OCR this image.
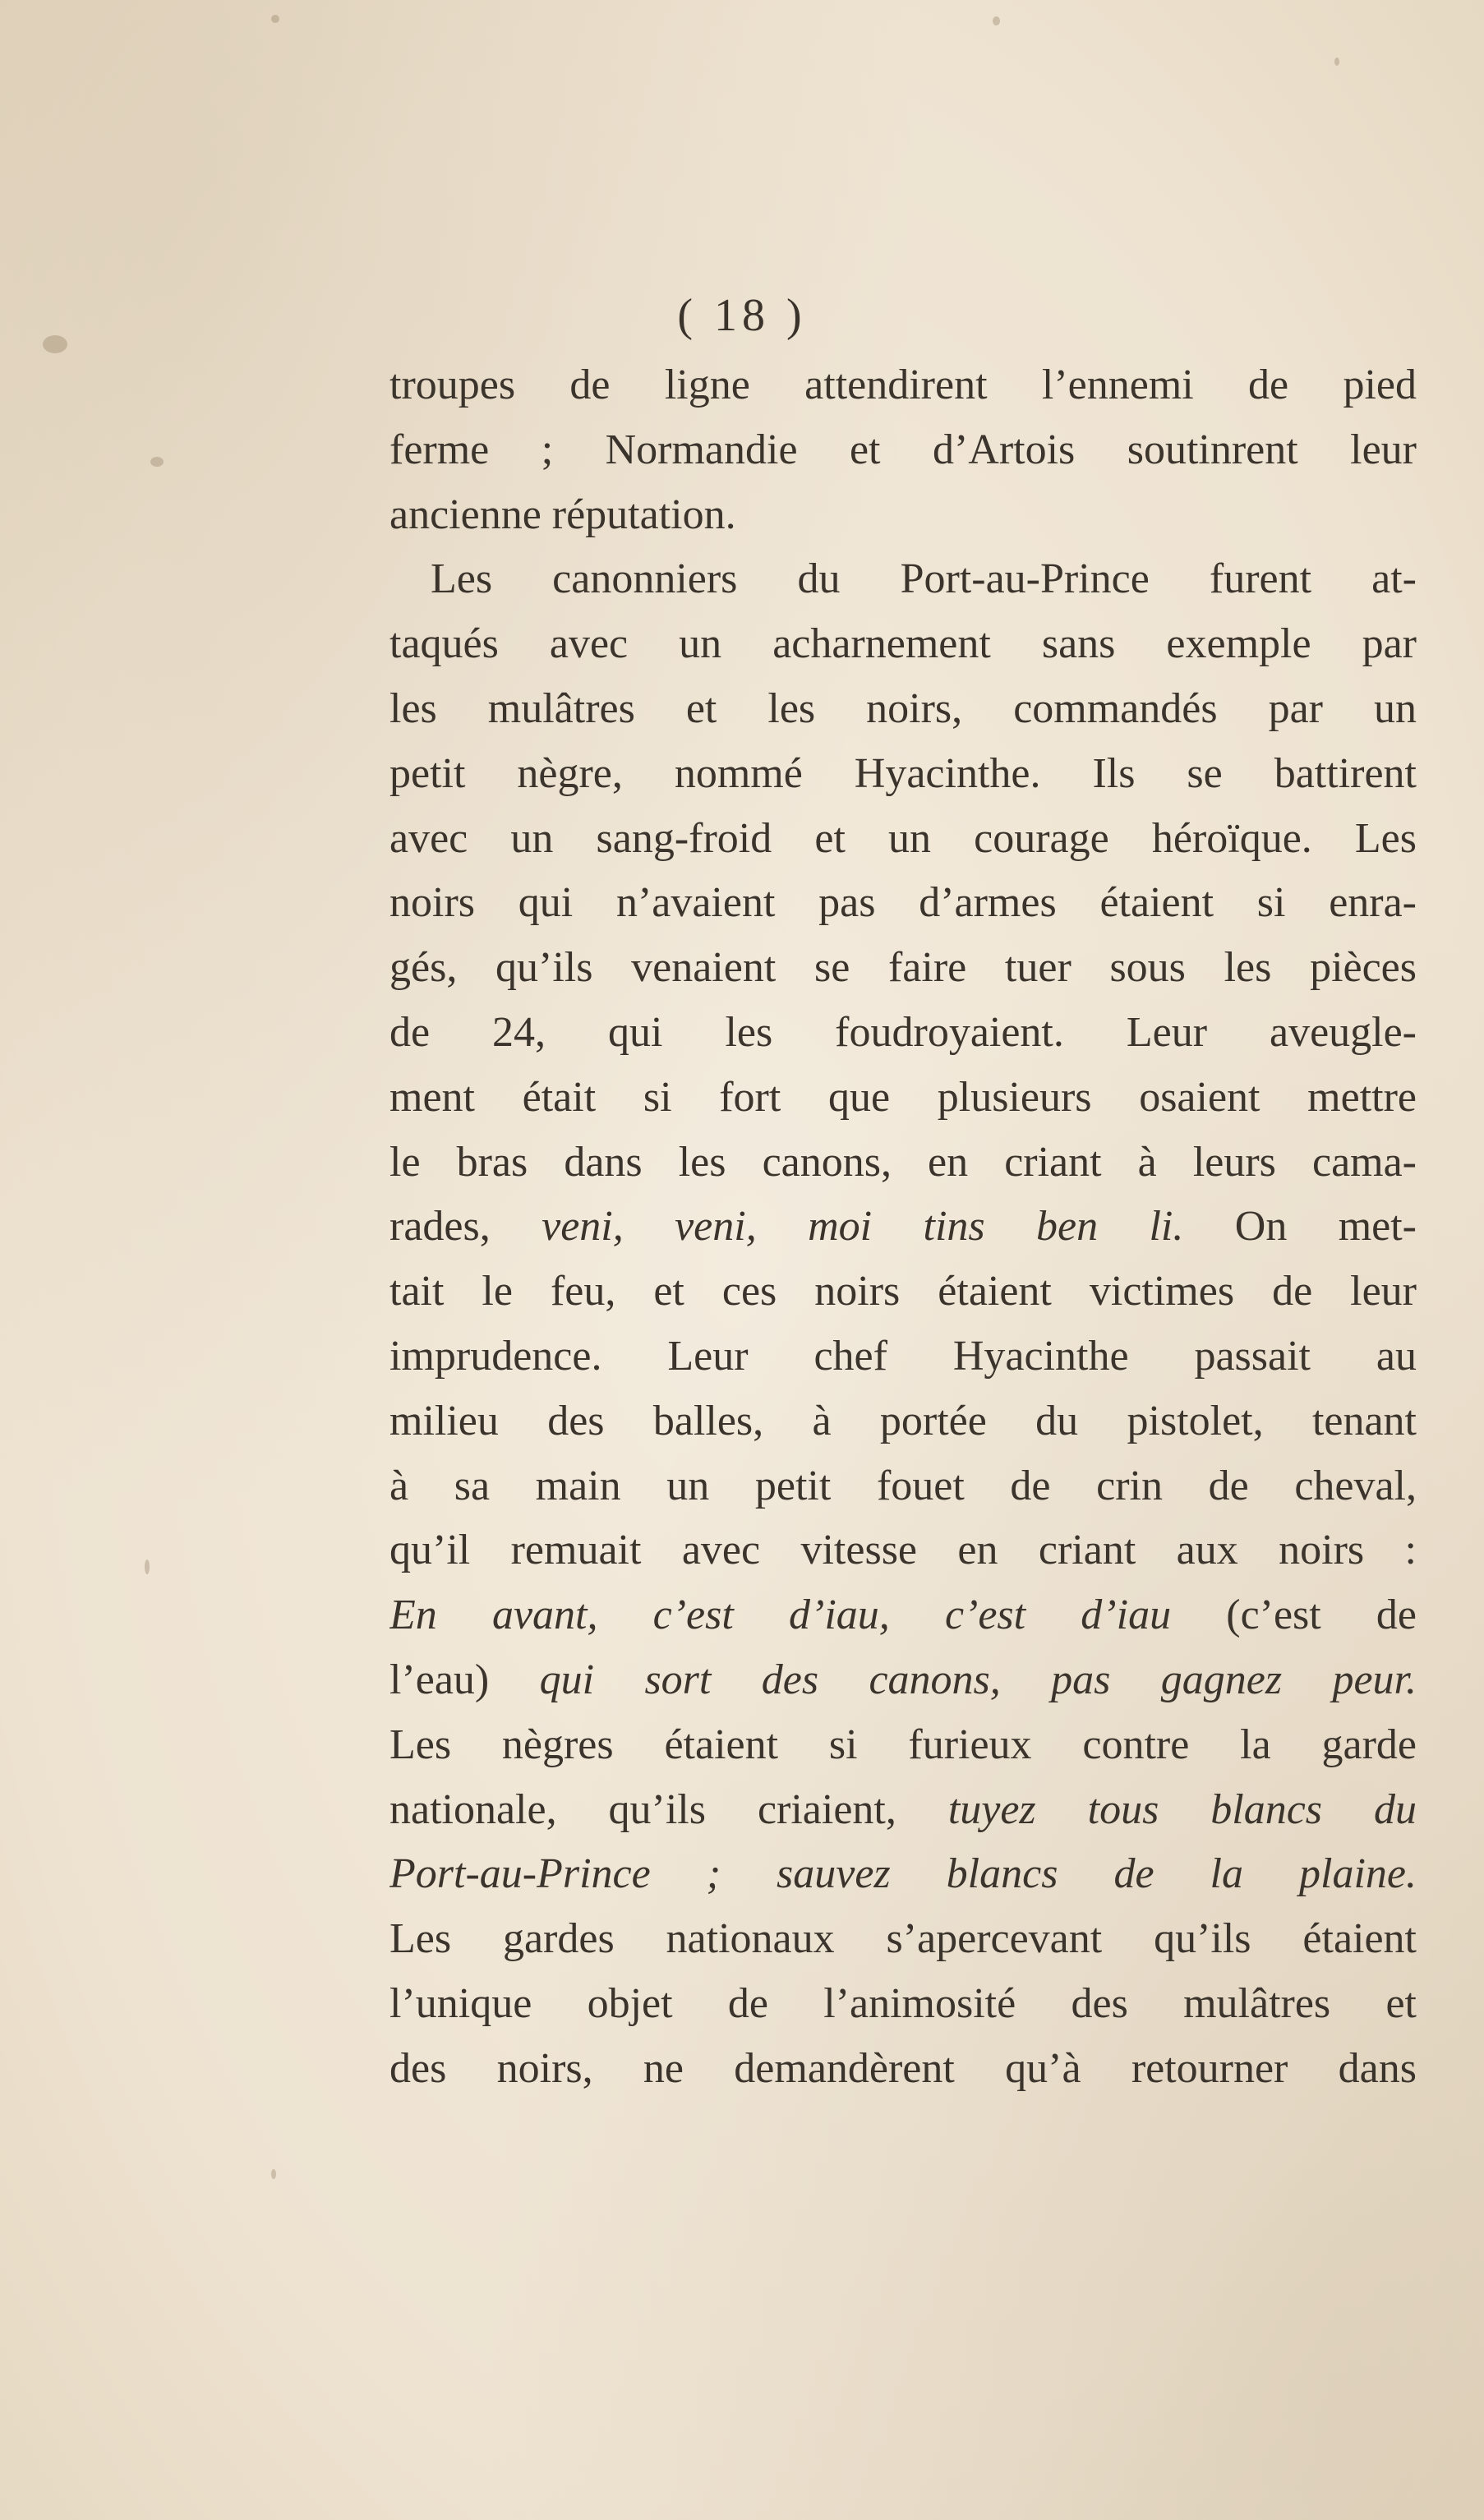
( 18 )
troupes de ligne attendirent l’ennemi de pied
ferme ; Normandie et d’Artois soutinrent leur
ancienne réputation.
Les canonniers du Port-au-Prince furent at-
taqués avec un acharnement sans exemple par
les mulâtres et les noirs, commandés par un
petit nègre, nommé Hyacinthe. Ils se battirent
avec un sang-froid et un courage héroïque. Les
noirs qui n’avaient pas d’armes étaient si enra-
gés, qu’ils venaient se faire tuer sous les pièces
de 24, qui les foudroyaient. Leur aveugle-
ment était si fort que plusieurs osaient mettre
le bras dans les canons, en criant à leurs cama-
rades, veni, veni, moi tins ben li. On met-
tait le feu, et ces noirs étaient victimes de leur
imprudence. Leur chef Hyacinthe passait au
milieu des balles, à portée du pistolet, tenant
à sa main un petit fouet de crin de cheval,
qu’il remuait avec vitesse en criant aux noirs :
En avant, c’est d’iau, c’est d’iau (c’est de
l’eau) qui sort des canons, pas gagnez peur.
Les nègres étaient si furieux contre la garde
nationale, qu’ils criaient, tuyez tous blancs du
Port-au-Prince ; sauvez blancs de la plaine.
Les gardes nationaux s’apercevant qu’ils étaient
l’unique objet de l’animosité des mulâtres et
des noirs, ne demandèrent qu’à retourner dans
